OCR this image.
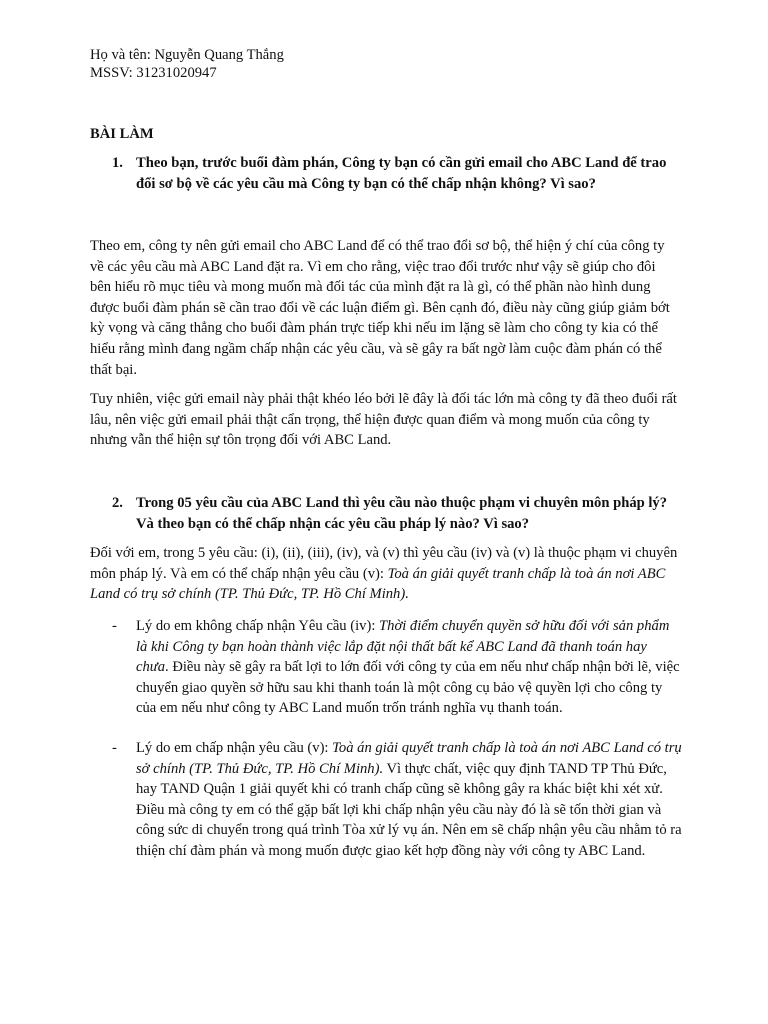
Họ và tên: Nguyễn Quang Thắng
MSSV: 31231020947
BÀI LÀM
1. Theo bạn, trước buổi đàm phán, Công ty bạn có cần gửi email cho ABC Land để trao đổi sơ bộ về các yêu cầu mà Công ty bạn có thể chấp nhận không? Vì sao?

Theo em, công ty nên gửi email cho ABC Land để có thể trao đổi sơ bộ, thể hiện ý chí của công ty về các yêu cầu mà ABC Land đặt ra. Vì em cho rằng, việc trao đổi trước như vậy sẽ giúp cho đôi bên hiểu rõ mục tiêu và mong muốn mà đối tác của mình đặt ra là gì, có thể phần nào hình dung được buổi đàm phán sẽ cần trao đổi về các luận điểm gì. Bên cạnh đó, điều này cũng giúp giảm bớt kỳ vọng và căng thẳng cho buổi đàm phán trực tiếp khi nếu im lặng sẽ làm cho công ty kia có thể hiểu rằng mình đang ngầm chấp nhận các yêu cầu, và sẽ gây ra bất ngờ làm cuộc đàm phán có thể thất bại.

Tuy nhiên, việc gửi email này phải thật khéo léo bởi lẽ đây là đối tác lớn mà công ty đã theo đuổi rất lâu, nên việc gửi email phải thật cẩn trọng, thể hiện được quan điểm và mong muốn của công ty nhưng vẫn thể hiện sự tôn trọng đối với ABC Land.

2. Trong 05 yêu cầu của ABC Land thì yêu cầu nào thuộc phạm vi chuyên môn pháp lý? Và theo bạn có thể chấp nhận các yêu cầu pháp lý nào? Vì sao?

Đối với em, trong 5 yêu cầu: (i), (ii), (iii), (iv), và (v) thì yêu cầu (iv) và (v) là thuộc phạm vi chuyên môn pháp lý. Và em có thể chấp nhận yêu cầu (v): Toà án giải quyết tranh chấp là toà án nơi ABC Land có trụ sở chính (TP. Thủ Đức, TP. Hồ Chí Minh).

-	Lý do em không chấp nhận Yêu cầu (iv): Thời điểm chuyển quyền sở hữu đối với sản phẩm là khi Công ty bạn hoàn thành việc lắp đặt nội thất bất kể ABC Land đã thanh toán hay chưa. Điều này sẽ gây ra bất lợi to lớn đối với công ty của em nếu như chấp nhận bởi lẽ, việc chuyển giao quyền sở hữu sau khi thanh toán là một công cụ bảo vệ quyền lợi cho công ty của em nếu như công ty ABC Land muốn trốn tránh nghĩa vụ thanh toán.
-	Lý do em chấp nhận yêu cầu (v): Toà án giải quyết tranh chấp là toà án nơi ABC Land có trụ sở chính (TP. Thủ Đức, TP. Hồ Chí Minh). Vì thực chất, việc quy định TAND TP Thủ Đức, hay TAND Quận 1 giải quyết khi có tranh chấp cũng sẽ không gây ra khác biệt khi xét xử. Điều mà công ty em có thể gặp bất lợi khi chấp nhận yêu cầu này đó là sẽ tốn thời gian và công sức di chuyển trong quá trình Tòa xử lý vụ án. Nên em sẽ chấp nhận yêu cầu nhằm tỏ ra thiện chí đàm phán và mong muốn được giao kết hợp đồng này với công ty ABC Land.
